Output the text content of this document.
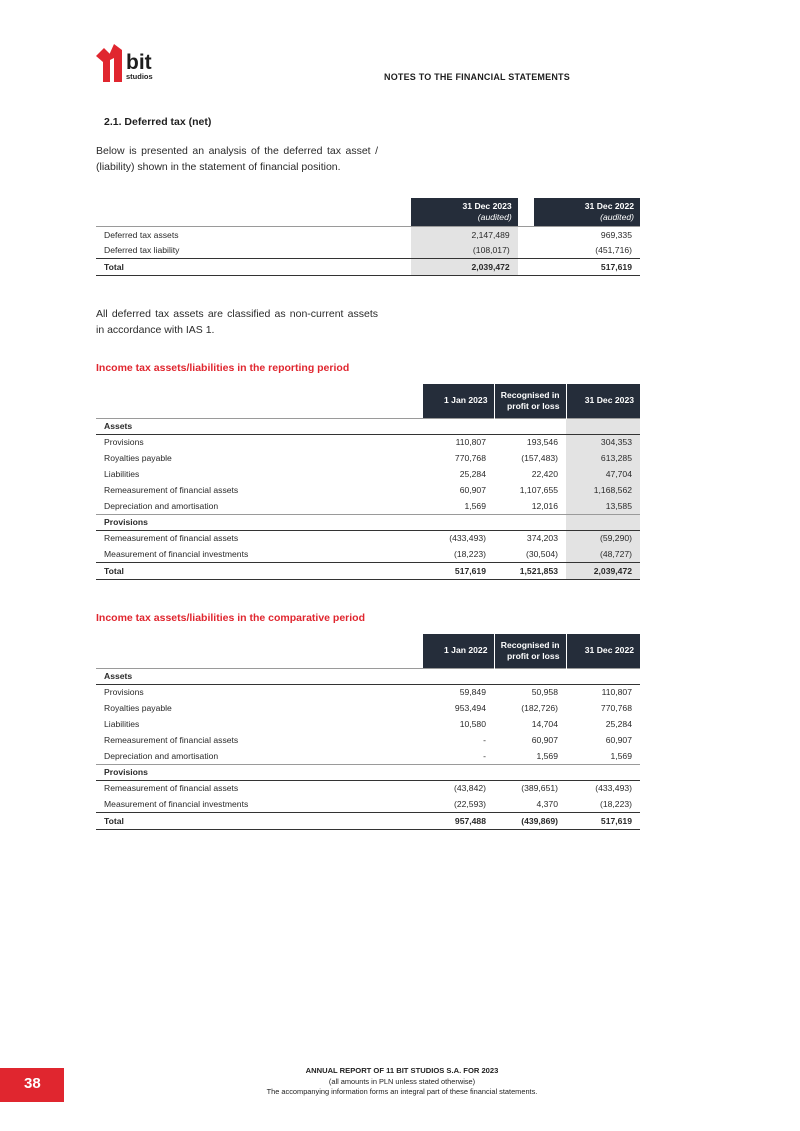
bit
studios	NOTES TO THE FINANCIAL STATEMENTS
2.1. Deferred tax (net)

Below is presented an analysis of the deferred tax asset / (liability) shown in the statement of financial position.

	31 Dec 2023
(audited)		31 Dec 2022
(audited)
Deferred tax assets	2,147,489		969,335
Deferred tax liability	(108,017)		(451,716)
Total	2,039,472		517,619

All deferred tax assets are classified as non-current assets in accordance with IAS 1.

Income tax assets/liabilities in the reporting period
	1 Jan 2023	Recognised in profit or loss	31 Dec 2023
Assets			
Provisions	110,807	193,546	304,353
Royalties payable	770,768	(157,483)	613,285
Liabilities	25,284	22,420	47,704
Remeasurement of financial assets	60,907	1,107,655	1,168,562
Depreciation and amortisation	1,569	12,016	13,585
Provisions			
Remeasurement of financial assets	(433,493)	374,203	(59,290)
Measurement of financial investments	(18,223)	(30,504)	(48,727)
Total	517,619	1,521,853	2,039,472
Income tax assets/liabilities in the comparative period
	1 Jan 2022	Recognised in profit or loss	31 Dec 2022
Assets			
Provisions	59,849	50,958	110,807
Royalties payable	953,494	(182,726)	770,768
Liabilities	10,580	14,704	25,284
Remeasurement of financial assets	-	60,907	60,907
Depreciation and amortisation	-	1,569	1,569
Provisions			
Remeasurement of financial assets	(43,842)	(389,651)	(433,493)
Measurement of financial investments	(22,593)	4,370	(18,223)
Total	957,488	(439,869)	517,619
38
ANNUAL REPORT OF 11 BIT STUDIOS S.A. FOR 2023
(all amounts in PLN unless stated otherwise)
The accompanying information forms an integral part of these financial statements.
